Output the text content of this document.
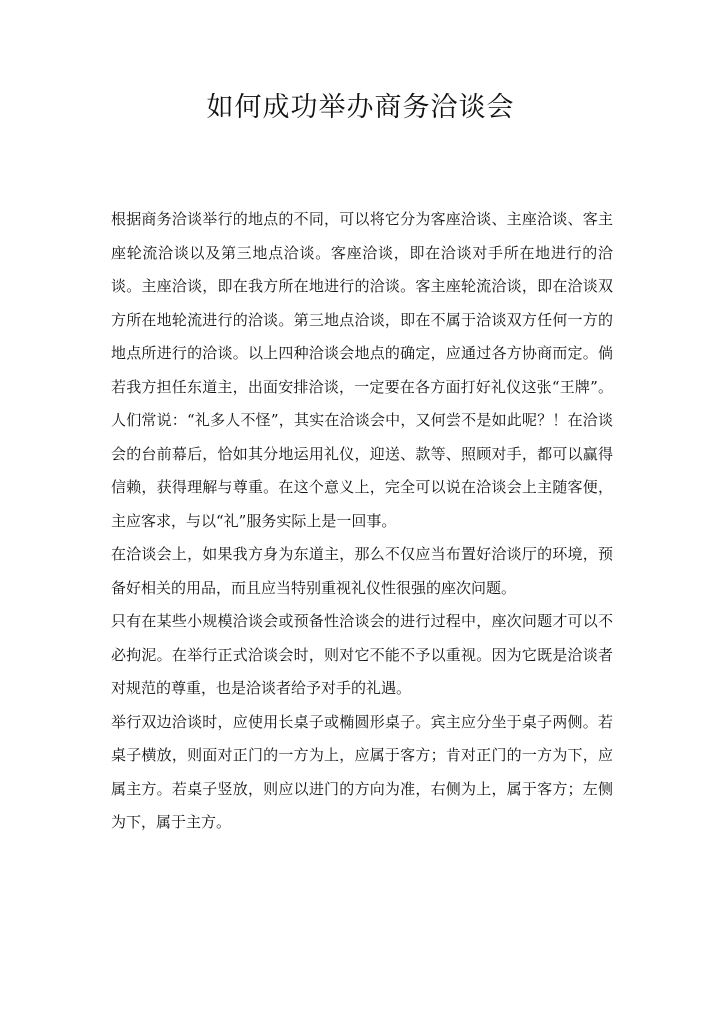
如何成功举办商务洽谈会

根据商务洽谈举行的地点的不同，可以将它分为客座洽谈、主座洽谈、客主座轮流洽谈以及第三地点洽谈。客座洽谈，即在洽谈对手所在地进行的洽谈。主座洽谈，即在我方所在地进行的洽谈。客主座轮流洽谈，即在洽谈双方所在地轮流进行的洽谈。第三地点洽谈，即在不属于洽谈双方任何一方的地点所进行的洽谈。以上四种洽谈会地点的确定，应通过各方协商而定。倘若我方担任东道主，出面安排洽谈，一定要在各方面打好礼仪这张“王牌”。人们常说：“礼多人不怪”，其实在洽谈会中，又何尝不是如此呢？！在洽谈会的台前幕后，恰如其分地运用礼仪，迎送、款等、照顾对手，都可以赢得信赖，获得理解与尊重。在这个意义上，完全可以说在洽谈会上主随客便，主应客求，与以“礼”服务实际上是一回事。

在洽谈会上，如果我方身为东道主，那么不仅应当布置好洽谈厅的环境，预备好相关的用品，而且应当特别重视礼仪性很强的座次问题。

只有在某些小规模洽谈会或预备性洽谈会的进行过程中，座次问题才可以不必拘泥。在举行正式洽谈会时，则对它不能不予以重视。因为它既是洽谈者对规范的尊重，也是洽谈者给予对手的礼遇。

举行双边洽谈时，应使用长桌子或椭圆形桌子。宾主应分坐于桌子两侧。若桌子横放，则面对正门的一方为上，应属于客方；肯对正门的一方为下，应属主方。若桌子竖放，则应以进门的方向为准，右侧为上，属于客方；左侧为下，属于主方。
